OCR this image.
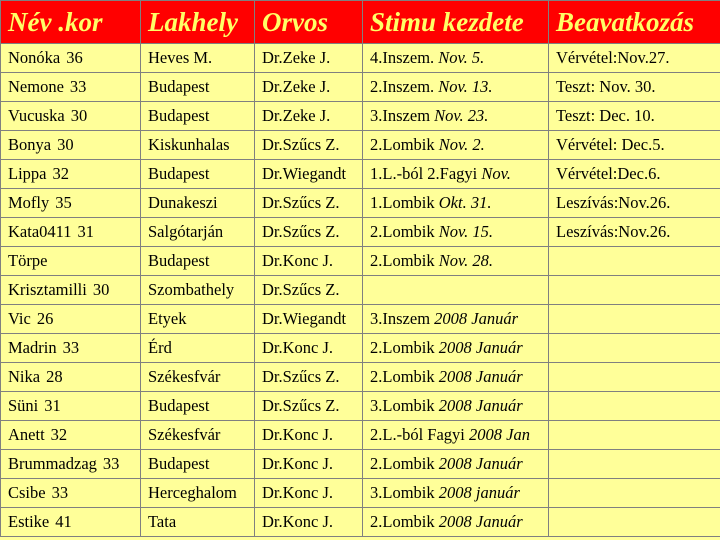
Név .kor	Lakhely	Orvos	Stimu kezdete	Beavatkozás
Nonóka 36	Heves M.	Dr.Zeke J.	4.Inszem. Nov. 5.	Vérvétel:Nov.27.
Nemone 33	Budapest	Dr.Zeke J.	2.Inszem. Nov. 13.	Teszt: Nov. 30.
Vucuska 30	Budapest	Dr.Zeke J.	3.Inszem Nov. 23.	Teszt: Dec. 10.
Bonya 30	Kiskunhalas	Dr.Szűcs Z.	2.Lombik Nov. 2.	Vérvétel: Dec.5.
Lippa 32	Budapest	Dr.Wiegandt	1.L.-ból 2.Fagyi Nov.	Vérvétel:Dec.6.
Mofly 35	Dunakeszi	Dr.Szűcs Z.	1.Lombik Okt. 31.	Leszívás:Nov.26.
Kata0411 31	Salgótarján	Dr.Szűcs Z.	2.Lombik Nov. 15.	Leszívás:Nov.26.
Törpe	Budapest	Dr.Konc J.	2.Lombik Nov. 28.	
Krisztamilli 30	Szombathely	Dr.Szűcs Z.		
Vic 26	Etyek	Dr.Wiegandt	3.Inszem 2008 Január	
Madrin 33	Érd	Dr.Konc J.	2.Lombik 2008 Január	
Nika 28	Székesfvár	Dr.Szűcs Z.	2.Lombik 2008 Január	
Süni 31	Budapest	Dr.Szűcs Z.	3.Lombik 2008 Január	
Anett 32	Székesfvár	Dr.Konc J.	2.L.-ból Fagyi 2008 Jan	
Brummadzag 33	Budapest	Dr.Konc J.	2.Lombik 2008 Január	
Csibe 33	Herceghalom	Dr.Konc J.	3.Lombik 2008 január	
Estike 41	Tata	Dr.Konc J.	2.Lombik 2008 Január	
